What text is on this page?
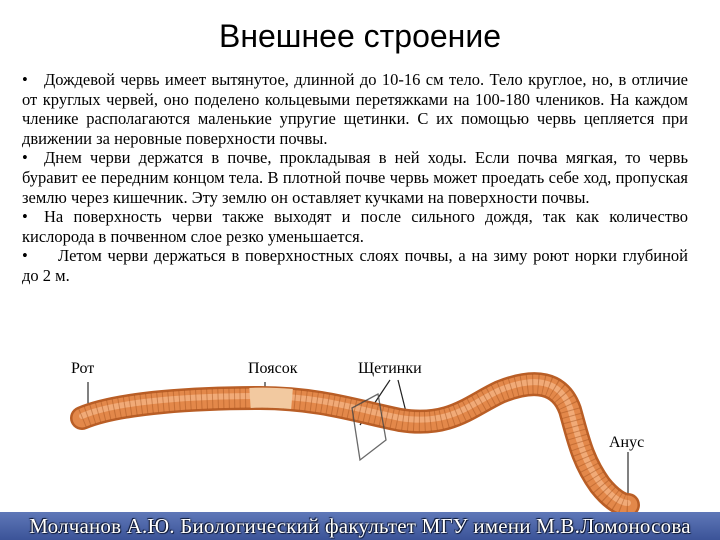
Внешнее строение

• Дождевой червь имеет вытянутое, длинной до 10-16 см тело. Тело круглое, но, в отличие от круглых червей, оно поделено кольцевыми перетяжками на 100-180 члеников. На каждом членике располагаются маленькие упругие щетинки. С их помощью червь цепляется при движении за неровные поверхности почвы.

• Днем черви держатся в почве, прокладывая в ней ходы. Если почва мягкая, то червь буравит ее передним концом тела. В плотной почве червь может проедать себе ход, пропуская землю через кишечник. Эту землю он оставляет кучками на поверхности почвы.

• На поверхность черви также выходят и после сильного дождя, так как количество кислорода в почвенном слое резко уменьшается.

• Летом черви держаться в поверхностных слоях почвы, а на зиму роют норки глубиной до 2 м.

Рот	Поясок	Щетинки
Анус
Молчанов А.Ю. Биологический факультет МГУ имени М.В.Ломоносова
